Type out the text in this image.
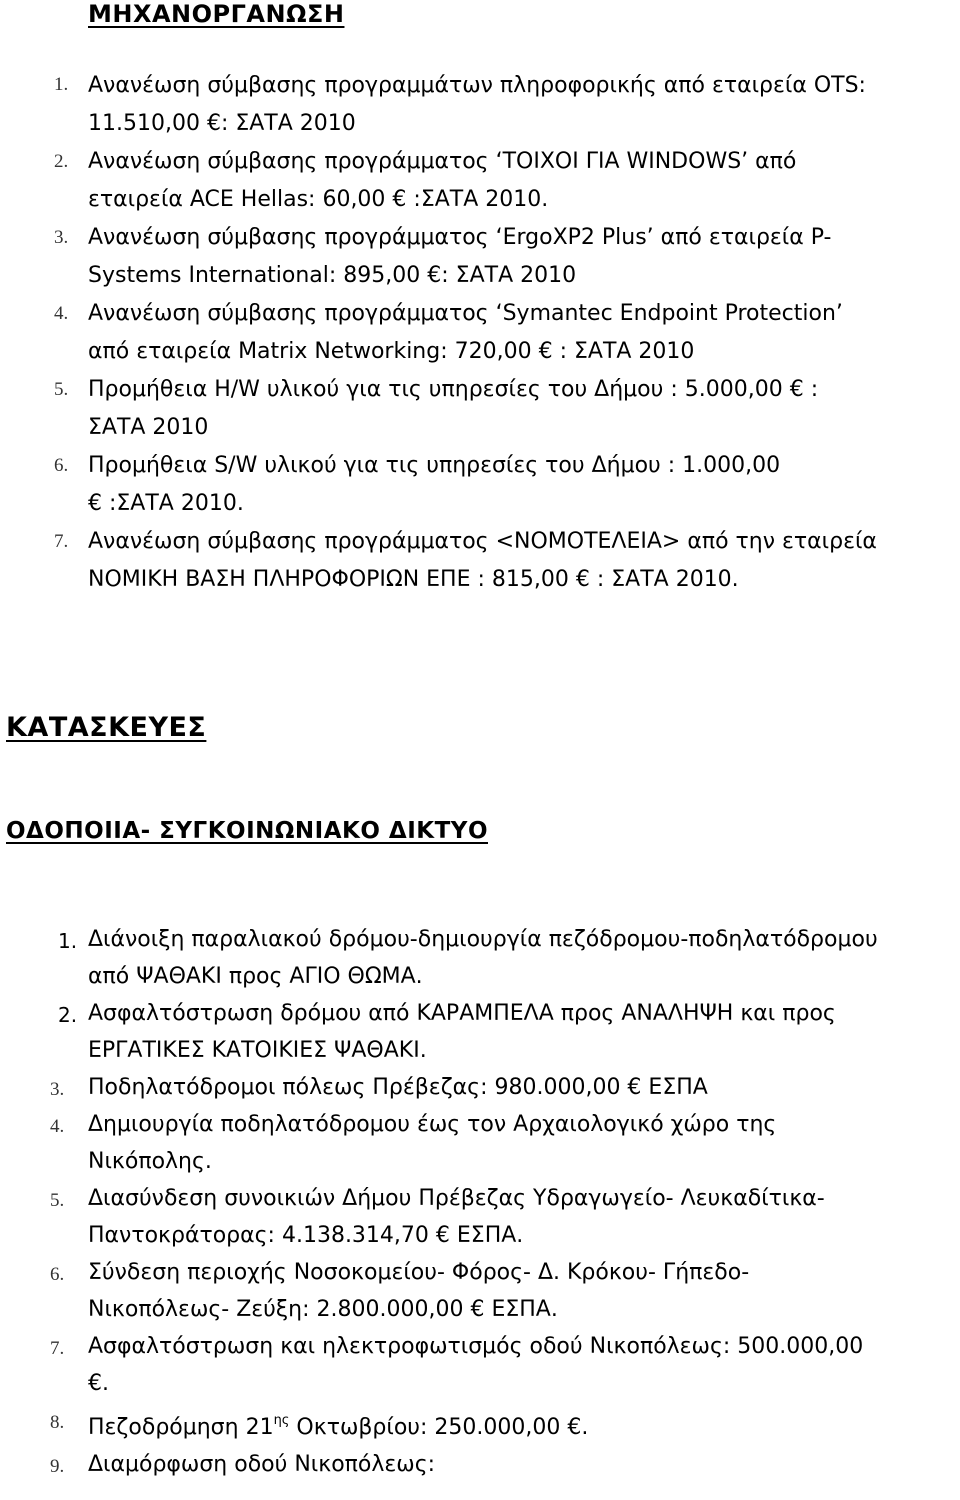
ΜΗΧΑΝΟΡΓΑΝΩΣΗ
1. Ανανέωση σύμβασης προγραμμάτων πληροφορικής από εταιρεία OTS:
11.510,00 €: ΣΑΤΑ 2010
2. Ανανέωση σύμβασης προγράμματος ‘ΤΟΙΧΟΙ ΓΙΑ WINDOWS’ από
εταιρεία ACE Hellas: 60,00 € :ΣΑΤΑ 2010.
3. Ανανέωση σύμβασης προγράμματος ‘ErgoXP2 Plus’ από εταιρεία P-
Systems International: 895,00 €: ΣΑΤΑ 2010
4. Ανανέωση σύμβασης προγράμματος ‘Symantec Endpoint Protection’
από εταιρεία Matrix Networking: 720,00 € : ΣΑΤΑ 2010
5. Προμήθεια H/W υλικού για τις υπηρεσίες του Δήμου : 5.000,00 € :
ΣΑΤΑ 2010
6. Προμήθεια S/W υλικού για τις υπηρεσίες του Δήμου : 1.000,00
€ :ΣΑΤΑ 2010.
7. Ανανέωση σύμβασης προγράμματος <ΝΟΜΟΤΕΛΕΙΑ> από την εταιρεία
ΝΟΜΙΚΗ ΒΑΣΗ ΠΛΗΡΟΦΟΡΙΩΝ ΕΠΕ : 815,00 € : ΣΑΤΑ 2010.
ΚΑΤΑΣΚΕΥΕΣ
ΟΔΟΠΟΙΙΑ- ΣΥΓΚΟΙΝΩΝΙΑΚΟ ΔΙΚΤΥΟ
1. Διάνοιξη παραλιακού δρόμου-δημιουργία πεζόδρομου-ποδηλατόδρομου
από ΨΑΘΑΚΙ προς ΑΓΙΟ ΘΩΜΑ.
2. Ασφαλτόστρωση δρόμου από ΚΑΡΑΜΠΕΛΑ προς ΑΝΑΛΗΨΗ και προς
ΕΡΓΑΤΙΚΕΣ ΚΑΤΟΙΚΙΕΣ ΨΑΘΑΚΙ.
3. Ποδηλατόδρομοι πόλεως Πρέβεζας: 980.000,00 € ΕΣΠΑ
4. Δημιουργία ποδηλατόδρομου έως τον Αρχαιολογικό χώρο της
Νικόπολης.
5. Διασύνδεση συνοικιών Δήμου Πρέβεζας Υδραγωγείο- Λευκαδίτικα-
Παντοκράτορας: 4.138.314,70 € ΕΣΠΑ.
6. Σύνδεση περιοχής Νοσοκομείου- Φόρος- Δ. Κρόκου- Γήπεδο-
Νικοπόλεως- Ζεύξη: 2.800.000,00 € ΕΣΠΑ.
7. Ασφαλτόστρωση και ηλεκτροφωτισμός οδού Νικοπόλεως: 500.000,00
€.
8. Πεζοδρόμηση $21^{\eta\varsigma}$ Οκτωβρίου: 250.000,00 €.
9. Διαμόρφωση οδού Νικοπόλεως:
